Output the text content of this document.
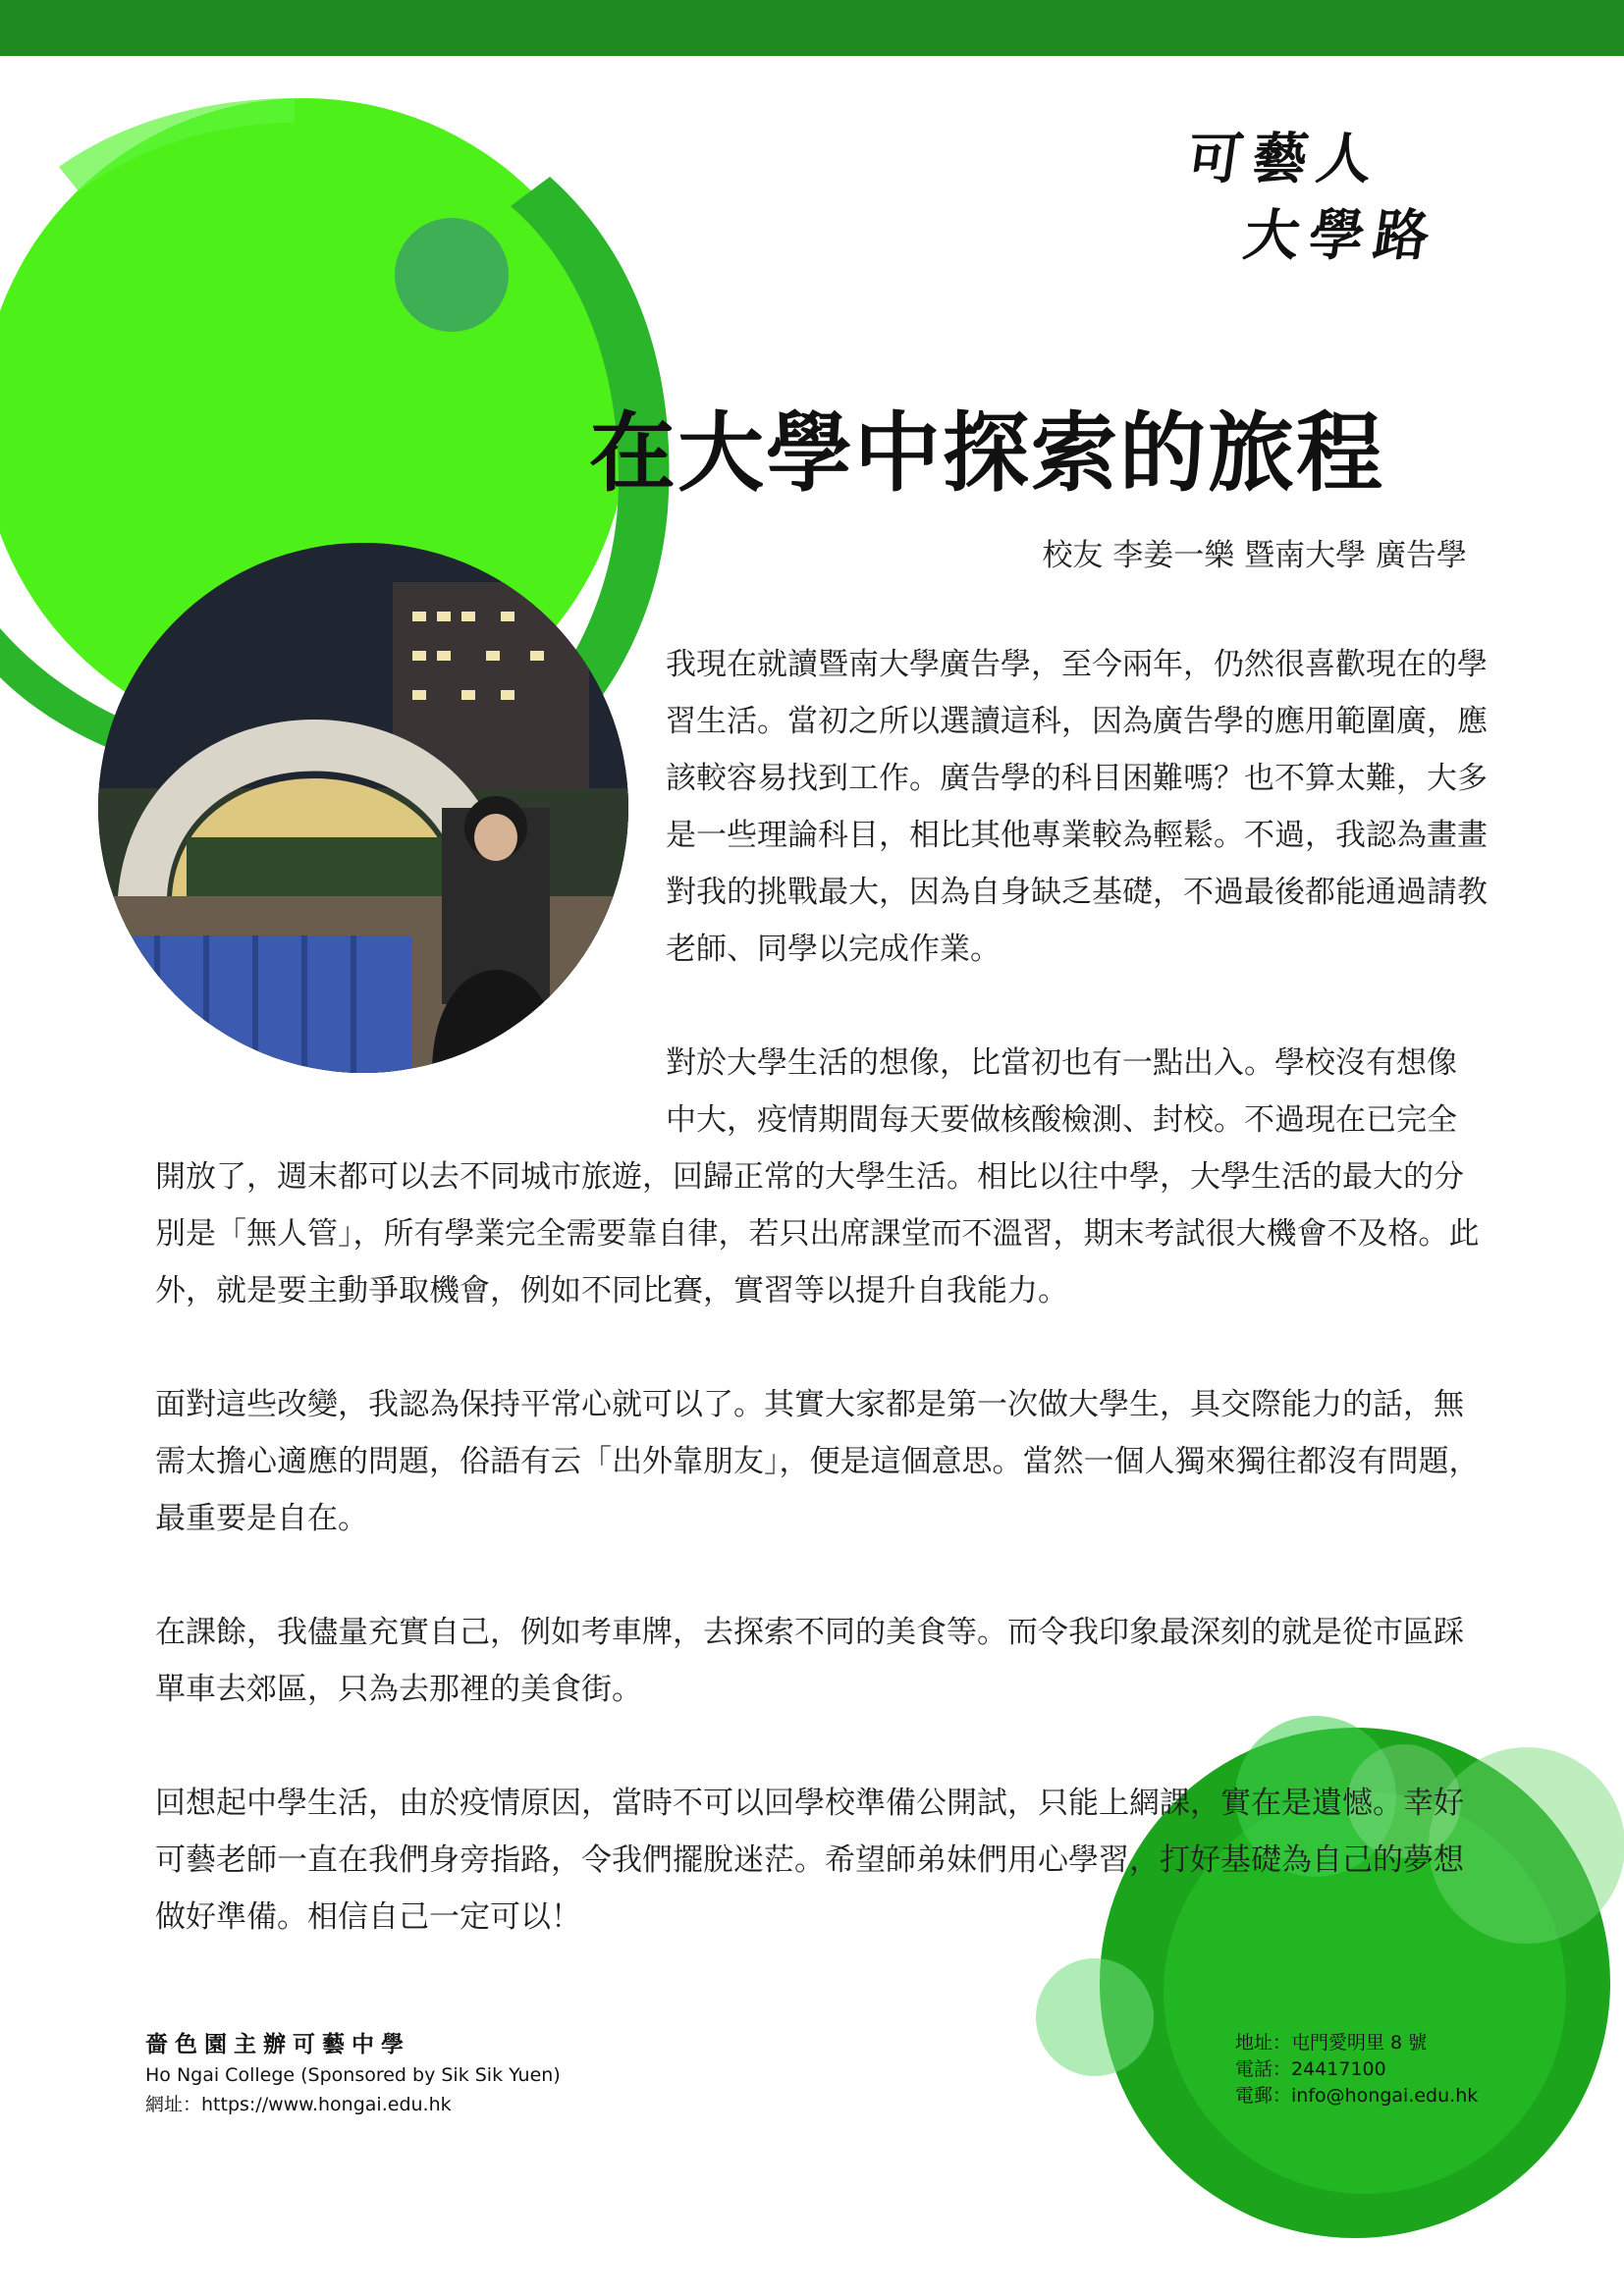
可藝人
大學路
在大學中探索的旅程
校友 李姜一樂 暨南大學 廣告學
我現在就讀暨南大學廣告學，至今兩年，仍然很喜歡現在的學習生活。當初之所以選讀這科，因為廣告學的應用範圍廣，應該較容易找到工作。廣告學的科目困難嗎？也不算太難，大多是一些理論科目，相比其他專業較為輕鬆。不過，我認為畫畫對我的挑戰最大，因為自身缺乏基礎，不過最後都能通過請教老師、同學以完成作業。
對於大學生活的想像，比當初也有一點出入。學校沒有想像中大，疫情期間每天要做核酸檢測、封校。不過現在已完全開放了，週末都可以去不同城市旅遊，回歸正常的大學生活。相比以往中學，大學生活的最大的分別是「無人管」，所有學業完全需要靠自律，若只出席課堂而不溫習，期末考試很大機會不及格。此外，就是要主動爭取機會，例如不同比賽，實習等以提升自我能力。
面對這些改變，我認為保持平常心就可以了。其實大家都是第一次做大學生，具交際能力的話，無需太擔心適應的問題，俗語有云「出外靠朋友」，便是這個意思。當然一個人獨來獨往都沒有問題，最重要是自在。
在課餘，我儘量充實自己，例如考車牌，去探索不同的美食等。而令我印象最深刻的就是從市區踩單車去郊區，只為去那裡的美食街。
回想起中學生活，由於疫情原因，當時不可以回學校準備公開試，只能上網課，實在是遺憾。幸好可藝老師一直在我們身旁指路，令我們擺脫迷茫。希望師弟妹們用心學習，打好基礎為自己的夢想做好準備。相信自己一定可以！
嗇色園主辦可藝中學
Ho Ngai College (Sponsored by Sik Sik Yuen)
網址：https://www.hongai.edu.hk
地址：屯門愛明里 8 號
電話：24417100
電郵：info@hongai.edu.hk
